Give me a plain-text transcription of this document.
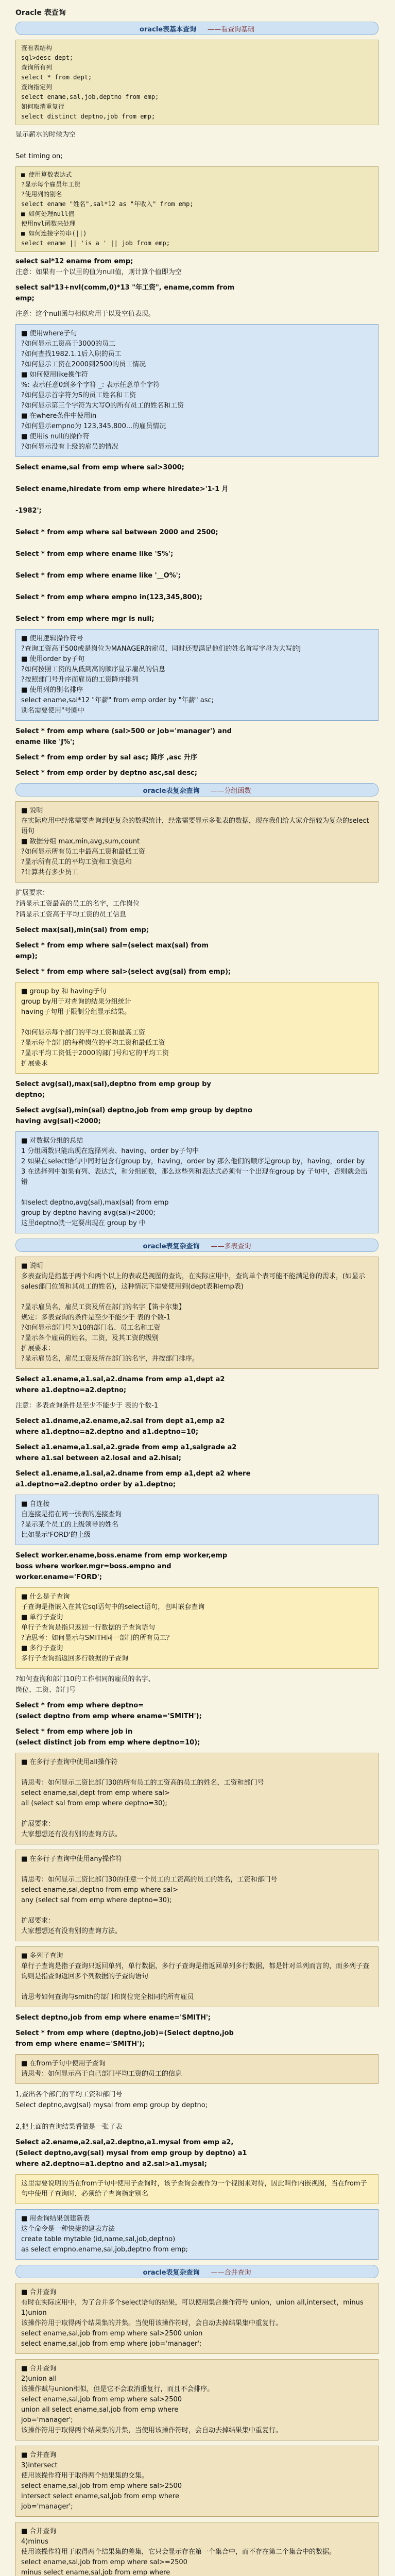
Oracle 表查询
oracle表基本查询 ——看查询基础
查看表结构
sql>desc dept;
查询所有列
select * from dept;
查询指定列
select ename,sal,job,deptno from emp;
如何取消重复行
select distinct deptno,job from emp;
显示薪水的时候为空

Set timing on;
■ 使用算数表达式
?显示每个雇员年工资
?使用列的别名
select ename "姓名",sal*12 as "年收入" from emp;
■ 如何处理null值
使用nvl函数来处理
■ 如何连接字符串(||)
select ename || 'is a ' || job from emp;
select sal*12 ename from emp;
注意：如果有一个以里的值为null值，则计算个值即为空
select sal*13+nvl(comm,0)*13 "年工资", ename,comm from
emp;
注意：这个null函与相似应用于以及空值表现。
■ 使用where子句
?如何显示工资高于3000的员工
?如何查找1982.1.1后入职的员工
?如何显示工资在2000到2500的员工情况
■ 如何使用like操作符
%: 表示任意0到多个字符 _: 表示任意单个字符
?如何显示首字符为S的员工姓名和工资
?如何显示第三个字符为大写O的所有员工的姓名和工资
■ 在where条件中使用in
?如何显示empno为 123,345,800...的雇员情况
■ 使用is null的操作符
?如何显示没有上级的雇员的情况
Select ename,sal from emp where sal>3000;

Select ename,hiredate from emp where hiredate>'1-1 月

-1982';

Select * from emp where sal between 2000 and 2500;

Select * from emp where ename like 'S%';

Select * from emp where ename like '__O%';

Select * from emp where empno in(123,345,800);

Select * from emp where mgr is null;
■ 使用逻辑操作符号
?查询工资高于500或是岗位为MANAGER的雇员，同时还要满足他们的姓名首写字母为大写的J
■ 使用order by子句
?如何按照工资的从低到高的顺序显示雇员的信息
?按照部门号升序而雇员的工资降序排列
■ 使用列的别名排序
select ename,sal*12 "年薪" from emp order by "年薪" asc;
别名需要使用"号圈中
Select * from emp where (sal>500 or job='manager') and
ename like 'J%';
Select * from emp order by sal asc; 降序 ,asc 升序
Select * from emp order by deptno asc,sal desc;
oracle表复杂查询 ——分组函数
■ 说明
在实际应用中经常需要查询到更复杂的数据统计，经常需要显示多张表的数据，现在我们给大家介绍较为复杂的select语句
■ 数据分组 max,min,avg,sum,count
?如何显示所有员工中最高工资和最低工资
?显示所有员工的平均工资和工资总和
?计算共有多少员工
扩展要求：
?请显示工资最高的员工的名字，工作岗位
?请显示工资高于平均工资的员工信息
Select max(sal),min(sal) from emp;
Select * from emp where sal=(select max(sal) from
emp);
Select * from emp where sal>(select avg(sal) from emp);
■ group by 和 having子句
group by用于对查询的结果分组统计
having子句用于限制分组显示结果。

?如何显示每个部门的平均工资和最高工资
?显示每个部门的每种岗位的平均工资和最低工资
?显示平均工资低于2000的部门号和它的平均工资
扩展要求
Select avg(sal),max(sal),deptno from emp group by
deptno;
Select avg(sal),min(sal) deptno,job from emp group by deptno
having avg(sal)<2000;
■ 对数据分组的总结
1 分组函数只能出现在选择列表、having、order by子句中
2 如果在select语句中同时包含有group by，having，order by 那么他们的顺序是group by，having，order by
3 在选择列中如果有列、表达式，和分组函数，那么这些列和表达式必须有一个出现在group by 子句中，否则就会出错

如select deptno,avg(sal),max(sal) from emp
group by deptno having avg(sal)<2000;
这里deptno就一定要出现在 group by 中
oracle表复杂查询 ——多表查询
■ 说明
多表查询是指基于两个和两个以上的表或是视图的查询，在实际应用中，查询单个表可能不能满足你的需求，(如显示sales部门位置和其员工的姓名)，这种情况下需要使用到(dept表和emp表)

?显示雇员名，雇员工资及所在部门的名字【笛卡尔集】
规定：多表查询的条件是至少不能少于 表的个数-1
?如何显示部门号为10的部门名、员工名和工资
?显示各个雇员的姓名，工资，及其工资的级别
扩展要求：
?显示雇员名，雇员工资及所在部门的名字，并按部门排序。
Select a1.ename,a1.sal,a2.dname from emp a1,dept a2
where a1.deptno=a2.deptno;
注意：多表查询条件是至少不能少于 表的个数-1
Select a1.dname,a2.ename,a2.sal from dept a1,emp a2
where a1.deptno=a2.deptno and a1.deptno=10;
Select a1.ename,a1.sal,a2.grade from emp a1,salgrade a2
where a1.sal between a2.losal and a2.hisal;
Select a1.ename,a1.sal,a2.dname from emp a1,dept a2 where
a1.deptno=a2.deptno order by a1.deptno;
■ 自连接
自连接是指在同一张表的连接查询
?显示某个员工的上级领导的姓名
比如显示'FORD'的上级
Select worker.ename,boss.ename from emp worker,emp
boss where worker.mgr=boss.empno and
worker.ename='FORD';
■ 什么是子查询
子查询是指嵌入在其它sql语句中的select语句，也叫嵌套查询
■ 单行子查询
单行子查询是指只返回一行数据的子查询语句
?请思考：如何显示与SMITH同一部门的所有员工？
■ 多行子查询
多行子查询指返回多行数据的子查询
?如何查询和部门10的工作相同的雇员的名字、
岗位、工资、部门号
Select * from emp where deptno=
(select deptno from emp where ename='SMITH');
Select * from emp where job in
(select distinct job from emp where deptno=10);
■ 在多行子查询中使用all操作符

请思考：如何显示工资比部门30的所有员工的工资高的员工的姓名，工资和部门号
select ename,sal,dept from emp where sal>
all (select sal from emp where deptno=30);

扩展要求：
大家想想还有没有别的查询方法。
■ 在多行子查询中使用any操作符

请思考：如何显示工资比部门30的任意一个员工的工资高的员工的姓名，工资和部门号
select ename,sal,deptno from emp where sal>
any (select sal from emp where deptno=30);

扩展要求：
大家想想还有没有别的查询方法。
■ 多列子查询
单行子查询是指子查询只返回单列，单行数据，多行子查询是指返回单列多行数据，都是针对单列而言的，而多列子查询则是指查询返回多个列数据的子查询语句

请思考如何查询与smith的部门和岗位完全相同的所有雇员
Select deptno,job from emp where ename='SMITH';
Select * from emp where (deptno,job)=(Select deptno,job
from emp where ename='SMITH');
■ 在from子句中使用子查询
请思考：如何显示高于自己部门平均工资的员工的信息
1,查出各个部门的平均工资和部门号
Select deptno,avg(sal) mysal from emp group by deptno;

2,把上面的查询结果看做是一张子表
Select a2.ename,a2.sal,a2.deptno,a1.mysal from emp a2,
(Select deptno,avg(sal) mysal from emp group by deptno) a1
where a2.deptno=a1.deptno and a2.sal>a1.mysal;
这里需要说明的当在from子句中使用子查询时，该子查询会被作为一个视图来对待，因此叫作内嵌视图，当在from子句中使用子查询时，必须给子查询指定别名
■ 用查询结果创建新表
这个命令是一种快捷的建表方法
create table mytable (id,name,sal,job,deptno)
as select empno,ename,sal,job,deptno from emp;
oracle表复杂查询 ——合并查询
■ 合并查询
有时在实际应用中，为了合并多个select语句的结果，可以使用集合操作符号 union，union all,intersect，minus
1)union
该操作符用于取得两个结果集的并集。当使用该操作符时，会自动去掉结果集中重复行。
select ename,sal,job from emp where sal>2500 union
select ename,sal,job from emp where job='manager';
■ 合并查询
2)union all
该操作赋与union相似，但是它不会取消重复行，而且不会排序。
select ename,sal,job from emp where sal>2500
union all select ename,sal,job from emp where
job='manager';
该操作符用于取得两个结果集的并集，当使用该操作符时，会自动去掉结果集中重复行。
■ 合并查询
3)intersect
使用该操作符用于取得两个结果集的交集。
select ename,sal,job from emp where sal>2500
intersect select ename,sal,job from emp where
job='manager';
■ 合并查询
4)minus
使用该操作符用于取得两个结果集的差集，它只会显示存在第一个集合中，而不存在第二个集合中的数据。
select ename,sal,job from emp where sal>=2500
minus select ename,sal,job from emp where
